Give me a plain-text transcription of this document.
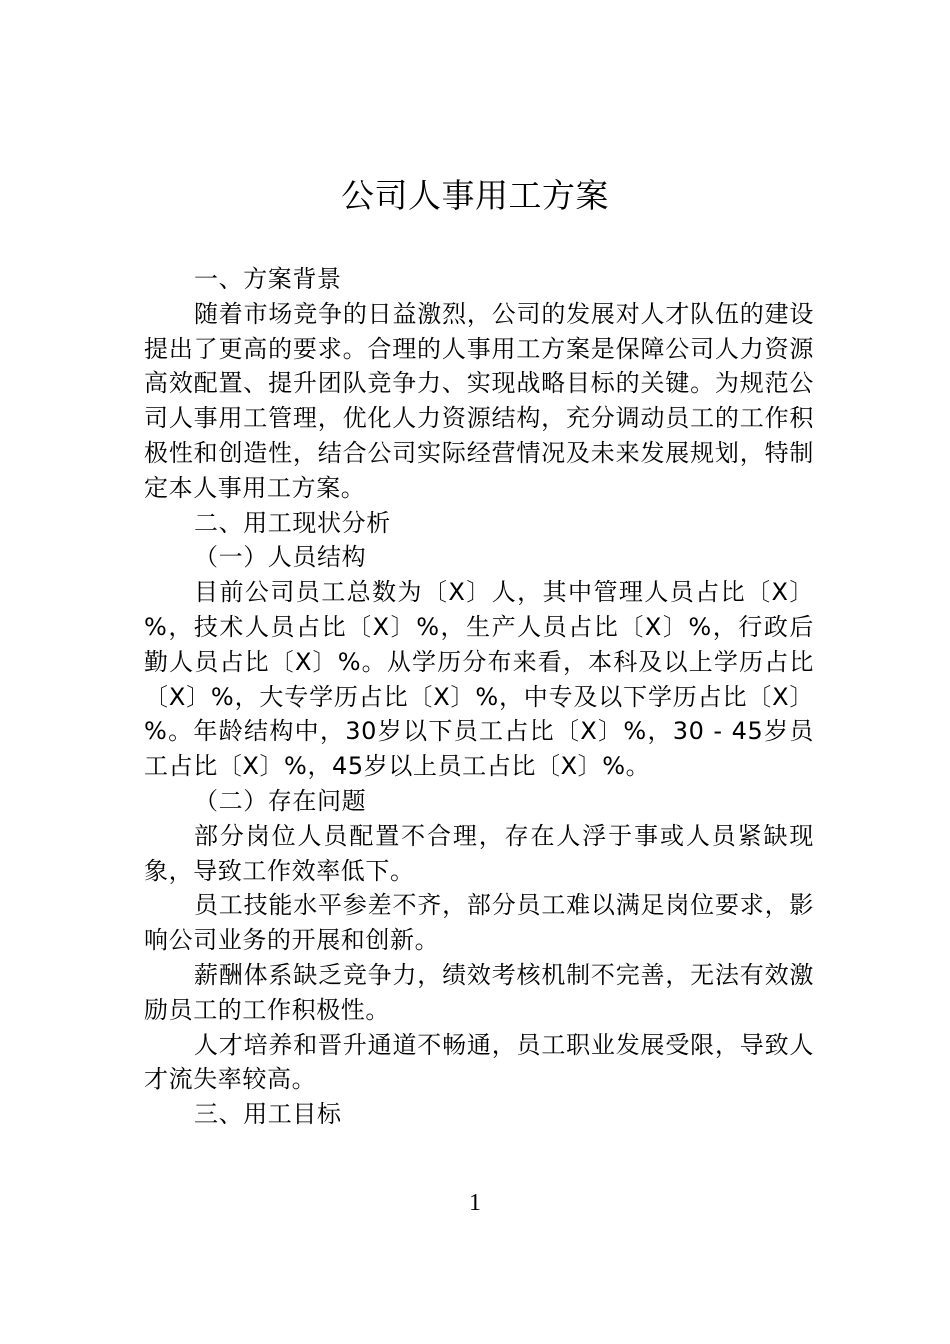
公司人事用工方案

一、方案背景

随着市场竞争的日益激烈，公司的发展对人才队伍的建设提出了更高的要求。合理的人事用工方案是保障公司人力资源高效配置、提升团队竞争力、实现战略目标的关键。为规范公司人事用工管理，优化人力资源结构，充分调动员工的工作积极性和创造性，结合公司实际经营情况及未来发展规划，特制定本人事用工方案。

二、用工现状分析

（一）人员结构

目前公司员工总数为〔X〕人，其中管理人员占比〔X〕%，技术人员占比〔X〕%，生产人员占比〔X〕%，行政后勤人员占比〔X〕%。从学历分布来看，本科及以上学历占比〔X〕%，大专学历占比〔X〕%，中专及以下学历占比〔X〕%。年龄结构中，30岁以下员工占比〔X〕%，30 - 45岁员工占比〔X〕%，45岁以上员工占比〔X〕%。

（二）存在问题

部分岗位人员配置不合理，存在人浮于事或人员紧缺现象，导致工作效率低下。

员工技能水平参差不齐，部分员工难以满足岗位要求，影响公司业务的开展和创新。

薪酬体系缺乏竞争力，绩效考核机制不完善，无法有效激励员工的工作积极性。

人才培养和晋升通道不畅通，员工职业发展受限，导致人才流失率较高。

三、用工目标

1
